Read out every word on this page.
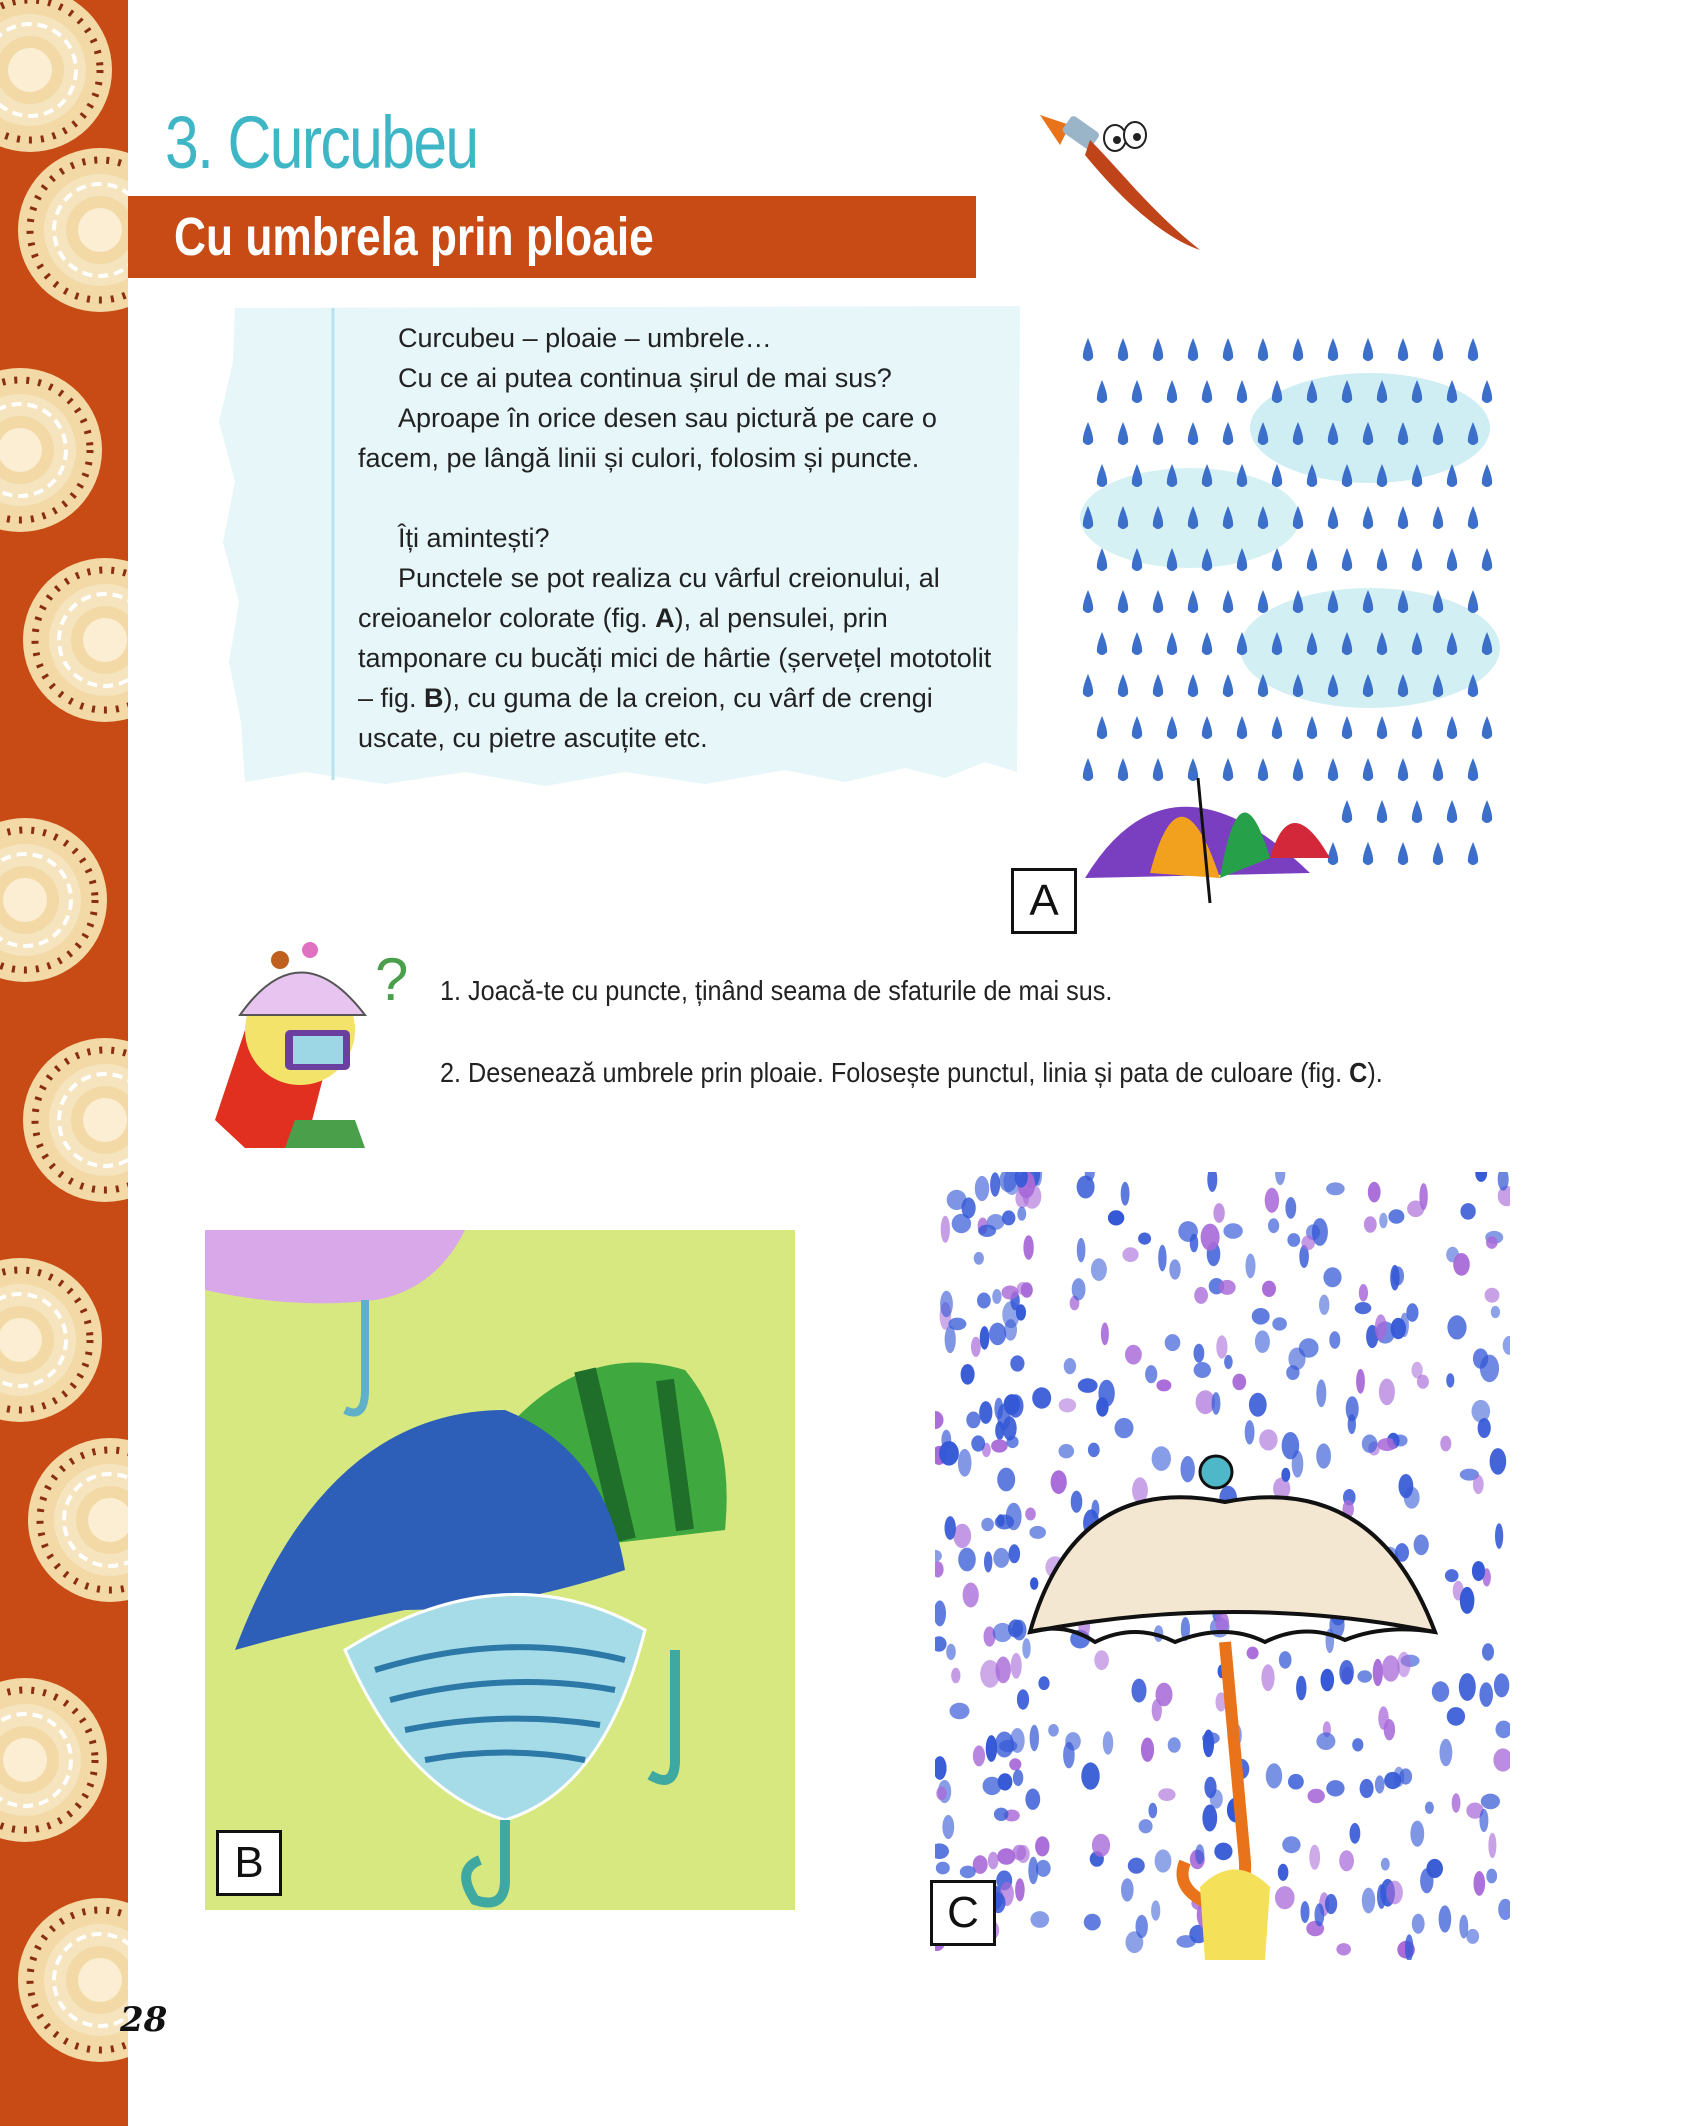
3. Curcubeu
Cu umbrela prin ploaie

Curcubeu – ploaie – umbrele…

Cu ce ai putea continua șirul de mai sus?

Aproape în orice desen sau pictură pe care o facem, pe lângă linii și culori, folosim și puncte.

Îți amintești?

Punctele se pot realiza cu vârful creionului, al creioanelor colorate (fig. A), al pensulei, prin tamponare cu bucăți mici de hârtie (șervețel mototolit – fig. B), cu guma de la creion, cu vârf de crengi uscate, cu pietre ascuțite etc.

A
? 1. Joacă-te cu puncte, ținând seama de sfaturile de mai sus.
2. Desenează umbrele prin ploaie. Folosește punctul, linia și pata de culoare (fig. C).
B
C
28
